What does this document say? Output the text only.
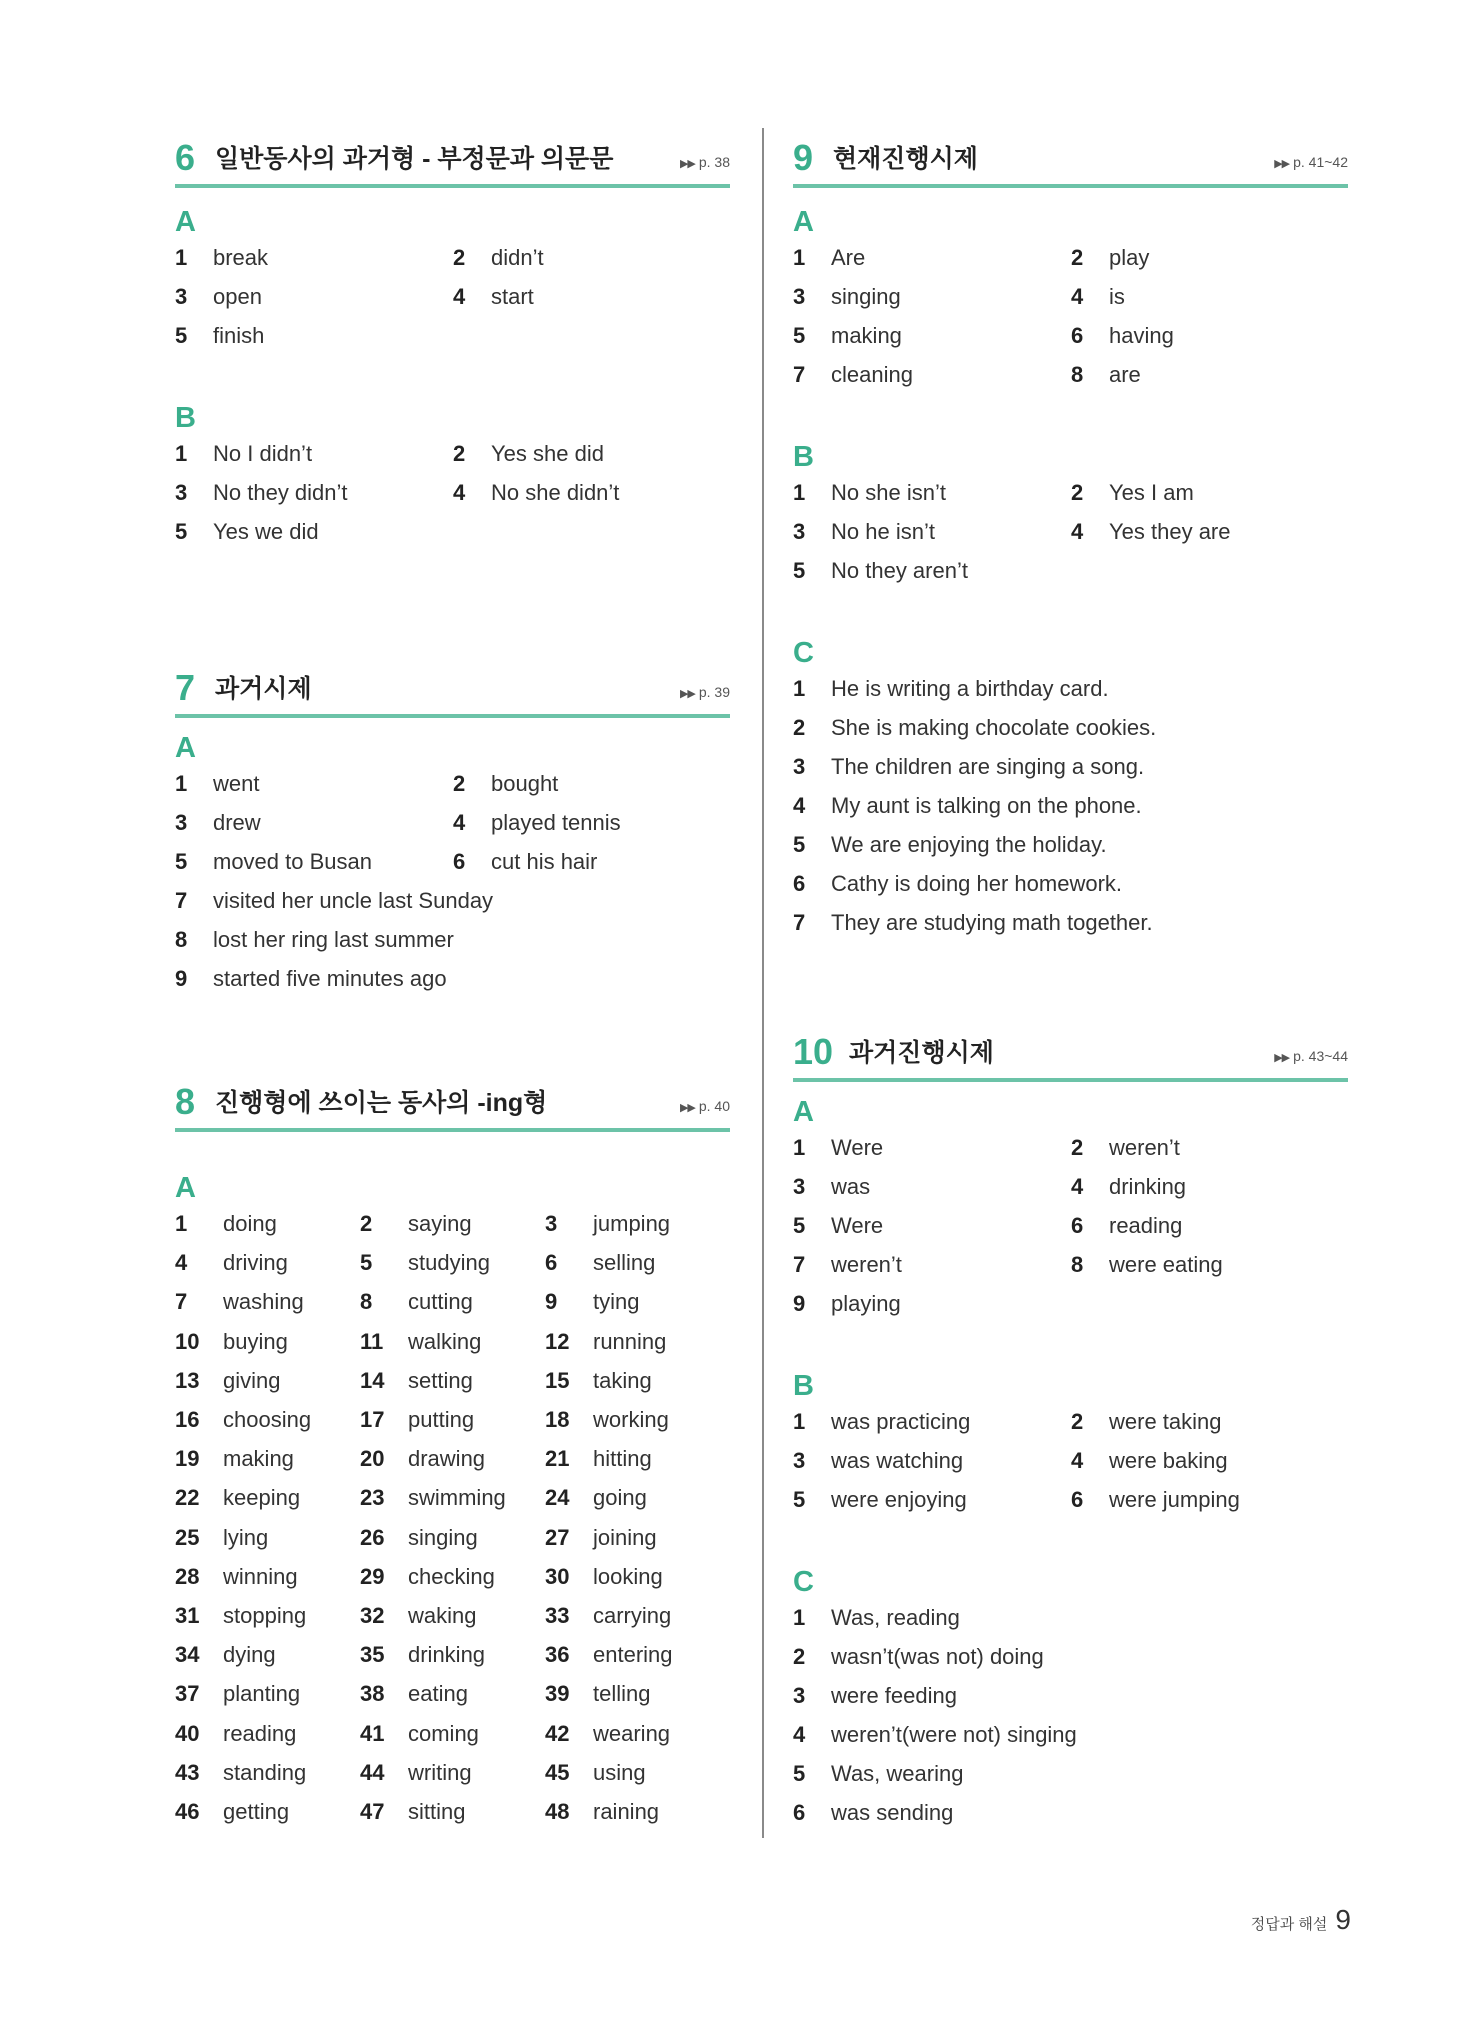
6 일반동사의 과거형 - 부정문과 의문문	▶▶ p. 38
A
1 break	2 didn’t
3 open	4 start
5 finish
B
1 No I didn’t	2 Yes she did
3 No they didn’t	4 No she didn’t
5 Yes we did
7 과거시제	▶▶ p. 39
A
1 went	2 bought
3 drew	4 played tennis
5 moved to Busan	6 cut his hair
7 visited her uncle last Sunday
8 lost her ring last summer
9 started five minutes ago
8 진행형에 쓰이는 동사의 -ing형	▶▶ p. 40
A
1 doing	2 saying	3 jumping
4 driving	5 studying	6 selling
7 washing	8 cutting	9 tying
10 buying	11 walking	12 running
13 giving	14 setting	15 taking
16 choosing 17 putting	18 working
19 making	20 drawing	21 hitting
22 keeping	23 swimming 24 going
25 lying	26 singing	27 joining
28 winning	29 checking 30 looking
31 stopping 32 waking	33 carrying
34 dying	35 drinking	36 entering
37 planting	38 eating	39 telling
40 reading	41 coming	42 wearing
43 standing 44 writing	45 using
46 getting	47 sitting	48 raining
9 현재진행시제	▶▶ p. 41~42
A
1 Are	2 play
3 singing	4 is
5 making	6 having
7 cleaning	8 are
B
1 No she isn’t	2 Yes I am
3 No he isn’t	4 Yes they are
5 No they aren’t
C
1 He is writing a birthday card.
2 She is making chocolate cookies.
3 The children are singing a song.
4 My aunt is talking on the phone.
5 We are enjoying the holiday.
6 Cathy is doing her homework.
7 They are studying math together.
10 과거진행시제	▶▶ p. 43~44
A
1 Were	2 weren’t
3 was	4 drinking
5 Were	6 reading
7 weren’t	8 were eating
9 playing
B
1 was practicing	2 were taking
3 was watching	4 were baking
5 were enjoying	6 were jumping
C
1 Was, reading
2 wasn’t(was not) doing
3 were feeding
4 weren’t(were not) singing
5 Was, wearing
6 was sending
정답과 해설 9
